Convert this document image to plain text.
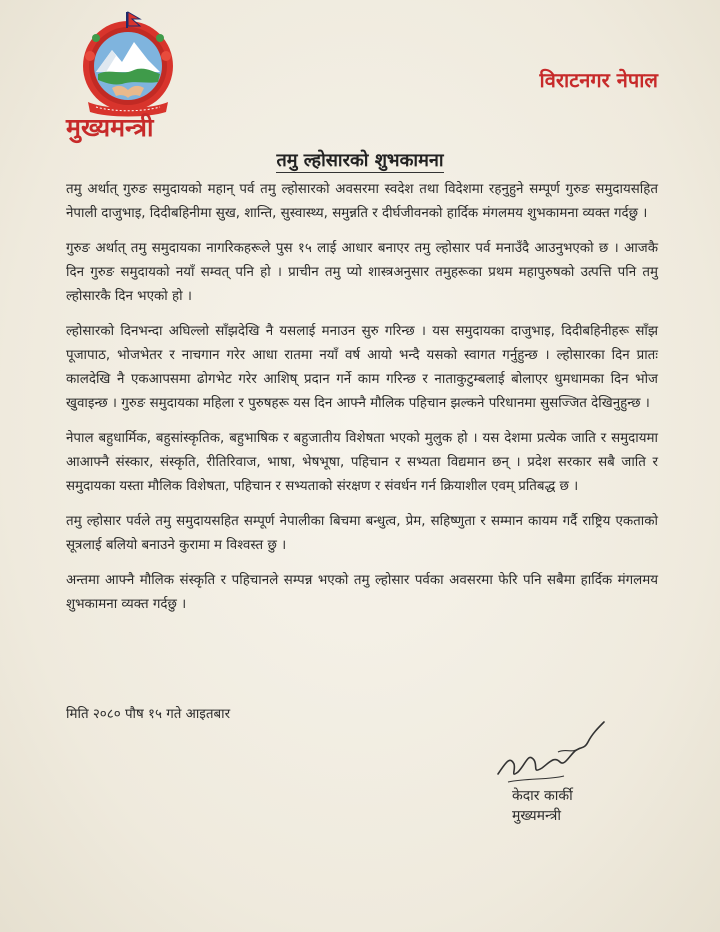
मुख्यमन्त्री
विराटनगर नेपाल
तमु ल्होसारको शुभकामना

तमु अर्थात् गुरुङ समुदायको महान् पर्व तमु ल्होसारको अवसरमा स्वदेश तथा विदेशमा रहनुहुने सम्पूर्ण गुरुङ समुदायसहित नेपाली दाजुभाइ, दिदीबहिनीमा सुख, शान्ति, सुस्वास्थ्य, समुन्नति र दीर्घजीवनको हार्दिक मंगलमय शुभकामना व्यक्त गर्दछु ।

गुरुङ अर्थात् तमु समुदायका नागरिकहरूले पुस १५ लाई आधार बनाएर तमु ल्होसार पर्व मनाउँदै आउनुभएको छ । आजकै दिन गुरुङ समुदायको नयाँ सम्वत् पनि हो । प्राचीन तमु प्यो शास्त्रअनुसार तमुहरूका प्रथम महापुरुषको उत्पत्ति पनि तमु ल्होसारकै दिन भएको हो ।

ल्होसारको दिनभन्दा अघिल्लो साँझदेखि नै यसलाई मनाउन सुरु गरिन्छ । यस समुदायका दाजुभाइ, दिदीबहिनीहरू साँझ पूजापाठ, भोजभेतर र नाचगान गरेर आधा रातमा नयाँ वर्ष आयो भन्दै यसको स्वागत गर्नुहुन्छ । ल्होसारका दिन प्रातः कालदेखि नै एकआपसमा ढोगभेट गरेर आशिष् प्रदान गर्ने काम गरिन्छ र नाताकुटुम्बलाई बोलाएर धुमधामका दिन भोज खुवाइन्छ । गुरुङ समुदायका महिला र पुरुषहरू यस दिन आफ्नै मौलिक पहिचान झल्कने परिधानमा सुसज्जित देखिनुहुन्छ ।

नेपाल बहुधार्मिक, बहुसांस्कृतिक, बहुभाषिक र बहुजातीय विशेषता भएको मुलुक हो । यस देशमा प्रत्येक जाति र समुदायमा आआफ्नै संस्कार, संस्कृति, रीतिरिवाज, भाषा, भेषभूषा, पहिचान र सभ्यता विद्यमान छन् । प्रदेश सरकार सबै जाति र समुदायका यस्ता मौलिक विशेषता, पहिचान र सभ्यताको संरक्षण र संवर्धन गर्न क्रियाशील एवम् प्रतिबद्ध छ ।

तमु ल्होसार पर्वले तमु समुदायसहित सम्पूर्ण नेपालीका बिचमा बन्धुत्व, प्रेम, सहिष्णुता र सम्मान कायम गर्दै राष्ट्रिय एकताको सूत्रलाई बलियो बनाउने कुरामा म विश्वस्त छु ।

अन्तमा आफ्नै मौलिक संस्कृति र पहिचानले सम्पन्न भएको तमु ल्होसार पर्वका अवसरमा फेरि पनि सबैमा हार्दिक मंगलमय शुभकामना व्यक्त गर्दछु ।

मिति २०८० पौष १५ गते आइतबार
केदार कार्की
मुख्यमन्त्री
